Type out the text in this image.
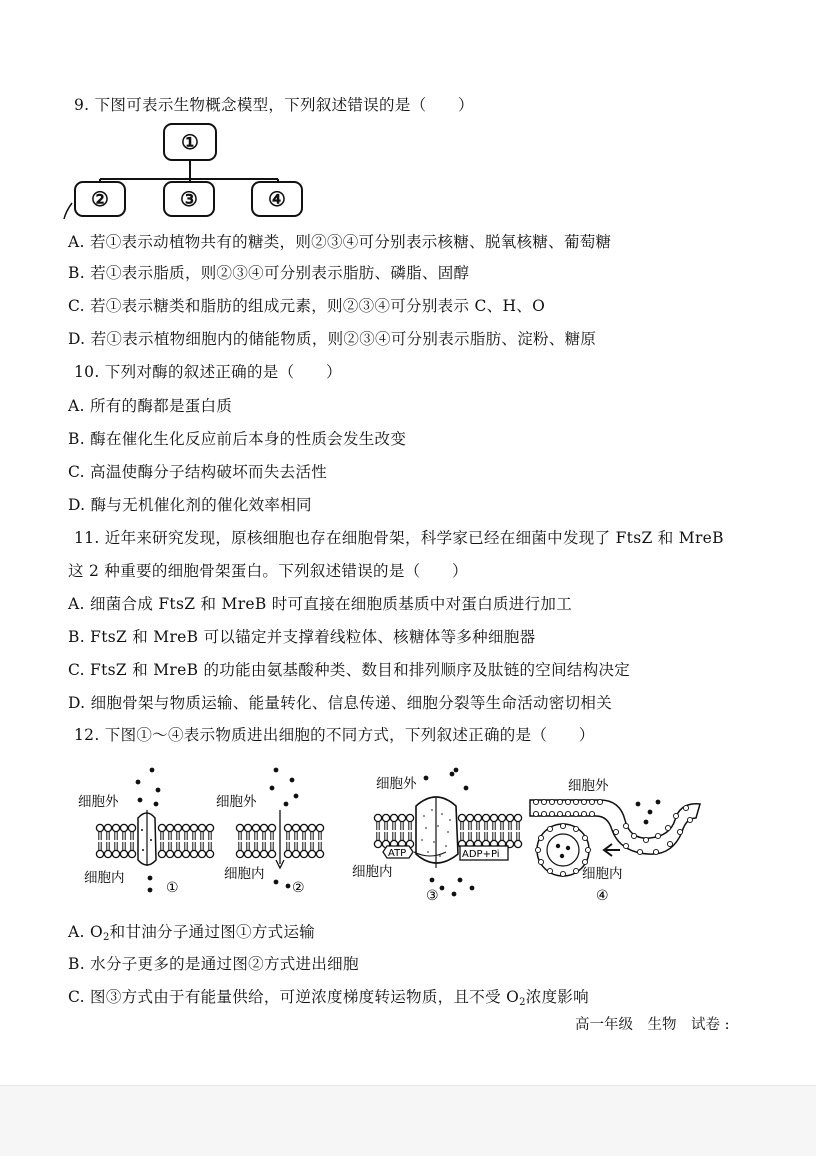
9. 下图可表示生物概念模型，下列叙述错误的是（　　）
①
②	③	④
A. 若①表示动植物共有的糖类，则②③④可分别表示核糖、脱氧核糖、葡萄糖
B. 若①表示脂质，则②③④可分别表示脂肪、磷脂、固醇
C. 若①表示糖类和脂肪的组成元素，则②③④可分别表示 C、H、O
D. 若①表示植物细胞内的储能物质，则②③④可分别表示脂肪、淀粉、糖原
10. 下列对酶的叙述正确的是（　　）
A. 所有的酶都是蛋白质
B. 酶在催化生化反应前后本身的性质会发生改变
C. 高温使酶分子结构破坏而失去活性
D. 酶与无机催化剂的催化效率相同
11. 近年来研究发现，原核细胞也存在细胞骨架，科学家已经在细菌中发现了 FtsZ 和 MreB
这 2 种重要的细胞骨架蛋白。下列叙述错误的是（　　）
A. 细菌合成 FtsZ 和 MreB 时可直接在细胞质基质中对蛋白质进行加工
B. FtsZ 和 MreB 可以锚定并支撑着线粒体、核糖体等多种细胞器
C. FtsZ 和 MreB 的功能由氨基酸种类、数目和排列顺序及肽链的空间结构决定
D. 细胞骨架与物质运输、能量转化、信息传递、细胞分裂等生命活动密切相关
12. 下图①～④表示物质进出细胞的不同方式，下列叙述正确的是（　　）
细胞外
细胞内
①
细胞外
细胞内
②
细胞外
ATP	ADP+Pi
细胞内
③
细胞外
细胞内
④
A. $O_2$和甘油分子通过图①方式运输
B. 水分子更多的是通过图②方式进出细胞
C. 图③方式由于有能量供给，可逆浓度梯度转运物质，且不受 $O_2$浓度影响
高一年级　生物　试卷 :
